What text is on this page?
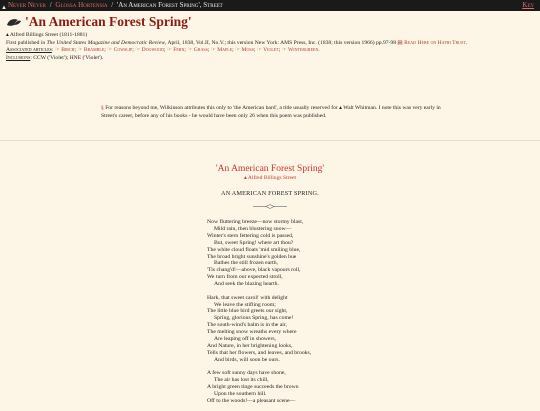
▲ Never Never / Glossa Hortensia / 'An American Forest Spring', Street	Key
'An American Forest Spring'
▴ Alfred Billings Street (1811-1881)
First published in The United States Magazine and Democratic Review, April, 1838, Vol.II, No.V.; this version New York: AMS Press, Inc. (1838; this version 1966) pp.97-98 ▤ Read Here on Hathi Trust.
Associated articles: ☞ Birch; ☞ Bramble; ☞ Cowslip; ☞ Dogwood; ☞ Fern; ☞ Grass; ☞ Maple; ☞ Moss; ☞ Violet; ☞ Wintergreen.
Inclusions: CCW ('Violet'); HNE ('Violet').
§ For reasons beyond me, Wilkinson attributes this only to 'the American bard', a title usually reserved for ▴ Walt Whitman. I note this was very early in Street's career, before any of his books - he would have been only 26 when this poem was published.
'An American Forest Spring'
▴ Alfred Billings Street
AN AMERICAN FOREST SPRING.
Now fluttering breeze—now stormy blast,
Mild rain, then blustering snow—
Winter's stern fettering cold is passed,
But, sweet Spring! where art thou?
The white cloud floats 'mid smiling blue,
The broad bright sunshine's golden hue
Bathes the still frozen earth,
'Tis chang'd!—above, black vapours roll,
We turn from our expected stroll,
And seek the blazing hearth.
Hark, that sweet carol! with delight
We leave the stifling room;
The little blue bird greets our sight,
Spring, glorious Spring, has come!
The south-wind's balm is in the air,
The melting snow wreaths every where
Are leaping off in showers,
And Nature, in her brightening looks,
Tells that her flowers, and leaves, and brooks,
And birds, will soon be ours.
A few soft sunny days have shone,
The air has lost its chill,
A bright green tinge succeeds the brown
Upon the southern hill.
Off to the woods!—a pleasant scene—
